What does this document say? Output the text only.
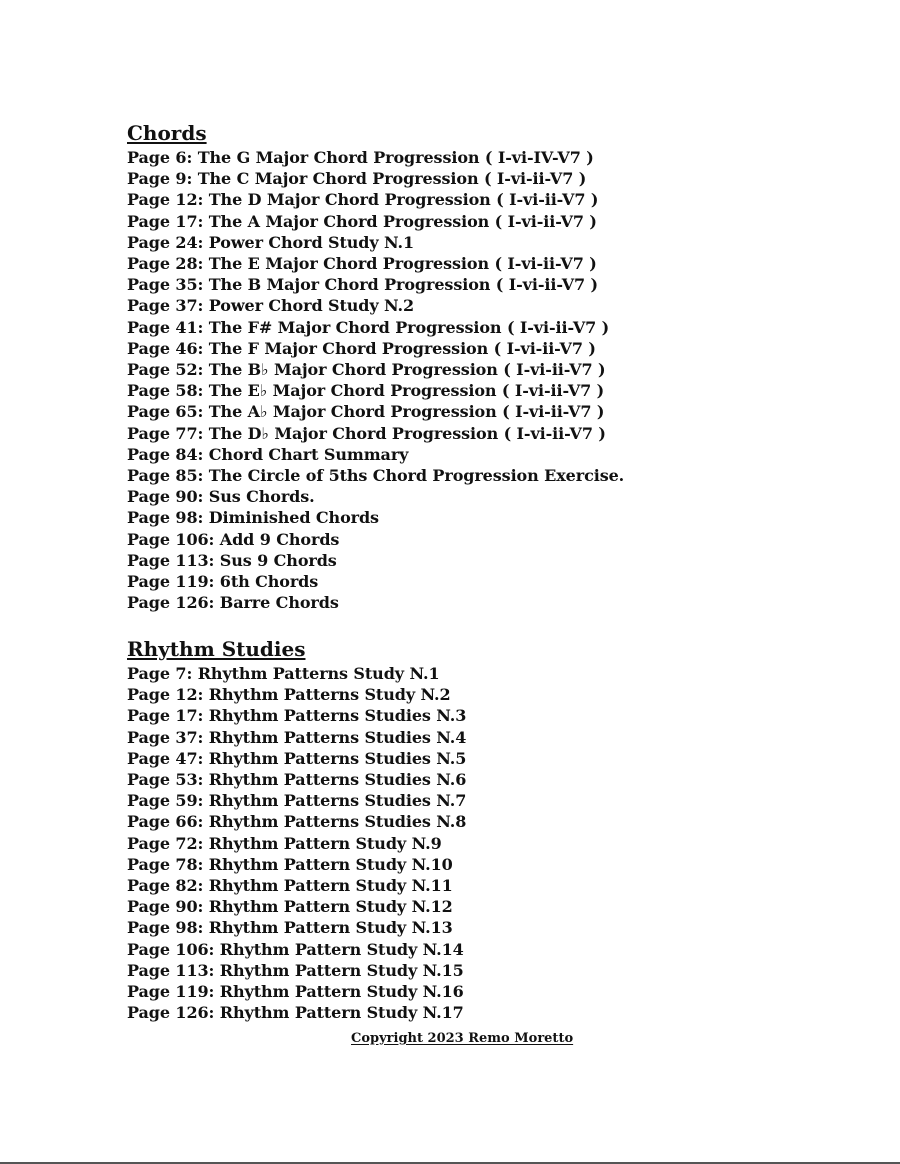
Chords
Page 6: The G Major Chord Progression ( I-vi-IV-V7 )
Page 9: The C Major Chord Progression ( I-vi-ii-V7 )
Page 12: The D Major Chord Progression ( I-vi-ii-V7 )
Page 17: The A Major Chord Progression ( I-vi-ii-V7 )
Page 24: Power Chord Study N.1
Page 28: The E Major Chord Progression ( I-vi-ii-V7 )
Page 35: The B Major Chord Progression ( I-vi-ii-V7 )
Page 37: Power Chord Study N.2
Page 41: The F# Major Chord Progression ( I-vi-ii-V7 )
Page 46: The F Major Chord Progression ( I-vi-ii-V7 )
Page 52: The B♭ Major Chord Progression ( I-vi-ii-V7 )
Page 58: The E♭ Major Chord Progression ( I-vi-ii-V7 )
Page 65: The A♭ Major Chord Progression ( I-vi-ii-V7 )
Page 77: The D♭ Major Chord Progression ( I-vi-ii-V7 )
Page 84: Chord Chart Summary
Page 85: The Circle of 5ths Chord Progression Exercise.
Page 90: Sus Chords.
Page 98: Diminished Chords
Page 106: Add 9 Chords
Page 113: Sus 9 Chords
Page 119: 6th Chords
Page 126: Barre Chords
Rhythm Studies
Page 7: Rhythm Patterns Study N.1
Page 12: Rhythm Patterns Study N.2
Page 17: Rhythm Patterns Studies N.3
Page 37: Rhythm Patterns Studies N.4
Page 47: Rhythm Patterns Studies N.5
Page 53: Rhythm Patterns Studies N.6
Page 59: Rhythm Patterns Studies N.7
Page 66: Rhythm Patterns Studies N.8
Page 72: Rhythm Pattern Study N.9
Page 78: Rhythm Pattern Study N.10
Page 82: Rhythm Pattern Study N.11
Page 90: Rhythm Pattern Study N.12
Page 98: Rhythm Pattern Study N.13
Page 106: Rhythm Pattern Study N.14
Page 113: Rhythm Pattern Study N.15
Page 119: Rhythm Pattern Study N.16
Page 126: Rhythm Pattern Study N.17
Copyright 2023 Remo Moretto
